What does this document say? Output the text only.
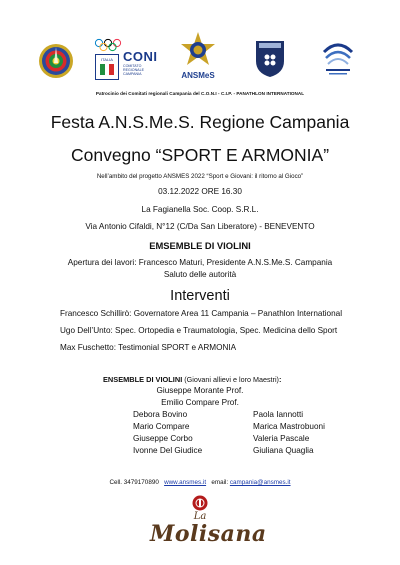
ITALIA CONI
COMITATO REGIONALE CAMPANIA	ANSMeS
Patrocinio dei Comitati regionali Campania del C.O.N.I - C.I.P. - PANATHLON INTERNATIONAL
Festa A.N.S.Me.S. Regione Campania
Convegno “SPORT E ARMONIA”
Nell’ambito del progetto ANSMES 2022 “Sport e Giovani: il ritorno al Gioco”
03.12.2022 ORE 16.30
La Fagianella Soc. Coop. S.R.L.
Via Antonio Cifaldi, N°12 (C/Da San Liberatore) - BENEVENTO
EMSEMBLE DI VIOLINI
Apertura dei lavori: Francesco Maturi, Presidente A.N.S.Me.S. Campania
Saluto delle autorità
Interventi
Francesco Schillirò: Governatore Area 11 Campania – Panathlon International
Ugo Dell’Unto: Spec. Ortopedia e Traumatologia, Spec. Medicina dello Sport
Max Fuschetto: Testimonial SPORT e ARMONIA
ENSEMBLE DI VIOLINI (Giovani allievi e loro Maestri):
Giuseppe Morante Prof.
Emilio Compare Prof.
Debora Bovino
Mario Compare
Giuseppe Corbo
Ivonne Del Giudice
Paola Iannotti
Marica Mastrobuoni
Valeria Pascale
Giuliana Quaglia
Cell. 3479170890 www.ansmes.it email: campania@ansmes.it
La
Molisana
